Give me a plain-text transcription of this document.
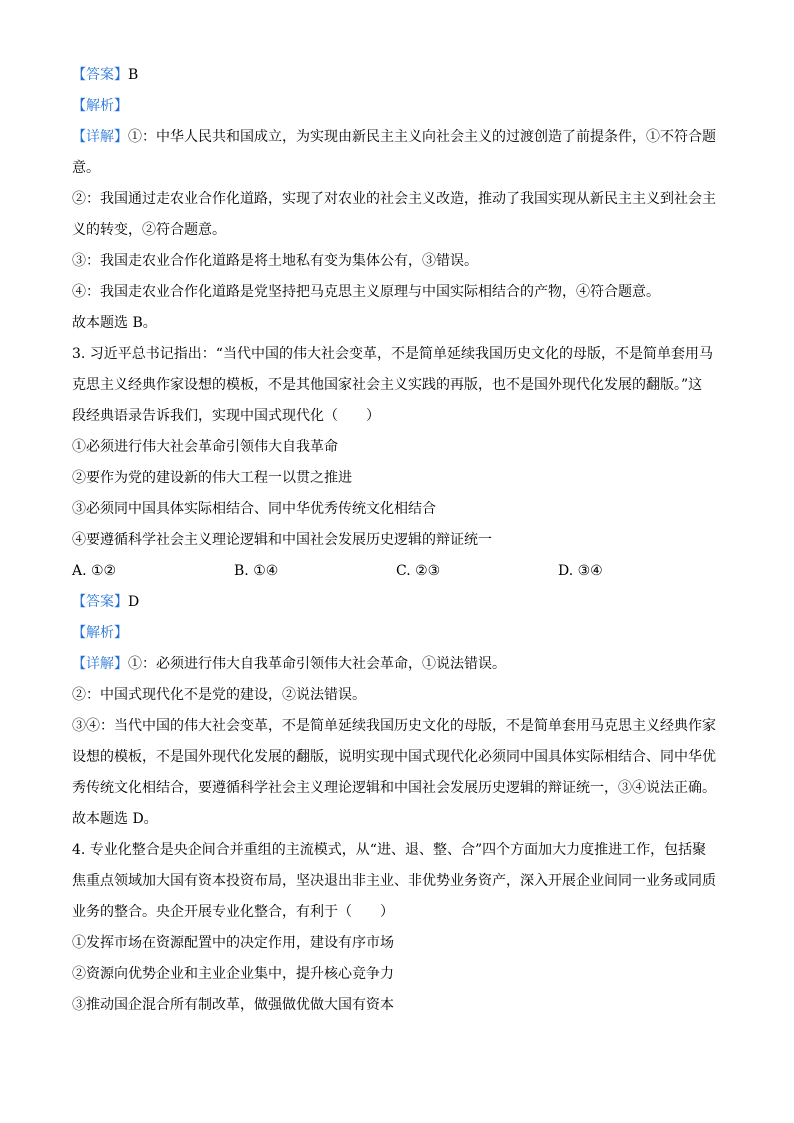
【答案】B
【解析】
【详解】①：中华人民共和国成立，为实现由新民主主义向社会主义的过渡创造了前提条件，①不符合题
意。
②：我国通过走农业合作化道路，实现了对农业的社会主义改造，推动了我国实现从新民主主义到社会主
义的转变，②符合题意。
③：我国走农业合作化道路是将土地私有变为集体公有，③错误。
④：我国走农业合作化道路是党坚持把马克思主义原理与中国实际相结合的产物，④符合题意。
故本题选 B。
3. 习近平总书记指出：“当代中国的伟大社会变革，不是简单延续我国历史文化的母版，不是简单套用马
克思主义经典作家设想的模板，不是其他国家社会主义实践的再版，也不是国外现代化发展的翻版。”这
段经典语录告诉我们，实现中国式现代化（　　）
①必须进行伟大社会革命引领伟大自我革命
②要作为党的建设新的伟大工程一以贯之推进
③必须同中国具体实际相结合、同中华优秀传统文化相结合
④要遵循科学社会主义理论逻辑和中国社会发展历史逻辑的辩证统一
A. ①②	B. ①④	C. ②③	D. ③④
【答案】D
【解析】
【详解】①：必须进行伟大自我革命引领伟大社会革命，①说法错误。
②：中国式现代化不是党的建设，②说法错误。
③④：当代中国的伟大社会变革，不是简单延续我国历史文化的母版，不是简单套用马克思主义经典作家
设想的模板，不是国外现代化发展的翻版，说明实现中国式现代化必须同中国具体实际相结合、同中华优
秀传统文化相结合，要遵循科学社会主义理论逻辑和中国社会发展历史逻辑的辩证统一，③④说法正确。
故本题选 D。
4. 专业化整合是央企间合并重组的主流模式，从“进、退、整、合”四个方面加大力度推进工作，包括聚
焦重点领域加大国有资本投资布局，坚决退出非主业、非优势业务资产，深入开展企业间同一业务或同质
业务的整合。央企开展专业化整合，有利于（　　）
①发挥市场在资源配置中的决定作用，建设有序市场
②资源向优势企业和主业企业集中，提升核心竞争力
③推动国企混合所有制改革，做强做优做大国有资本
